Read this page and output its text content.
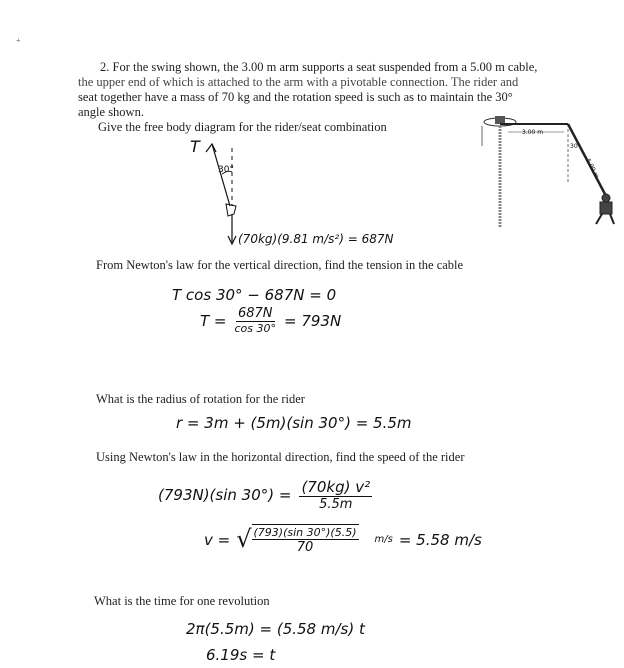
+
2. For the swing shown, the 3.00 m arm supports a seat suspended from a 5.00 m cable,
the upper end of which is attached to the arm with a pivotable connection. The rider and
seat together have a mass of 70 kg and the rotation speed is such as to maintain the 30°
angle shown.
Give the free body diagram for the rider/seat combination	3.00 m
5.00 m
30°
T
30°
(70kg)(9.81 m/s²) = 687N
From Newton's law for the vertical direction, find the tension in the cable
T cos 30° − 687N = 0
T = 687N
cos 30° = 793N
What is the radius of rotation for the rider
r = 3m + (5m)(sin 30°) = 5.5m
Using Newton's law in the horizontal direction, find the speed of the rider
(793N)(sin $30^\circ) = \frac{\text{(70kg) v²}}{5.5m}$
v = √ (793)(sin 30°)(5.5)
70
m/s = 5.58 m/s
What is the time for one revolution
2π(5.5m) = (5.58 m/s) t
6.19s = t
